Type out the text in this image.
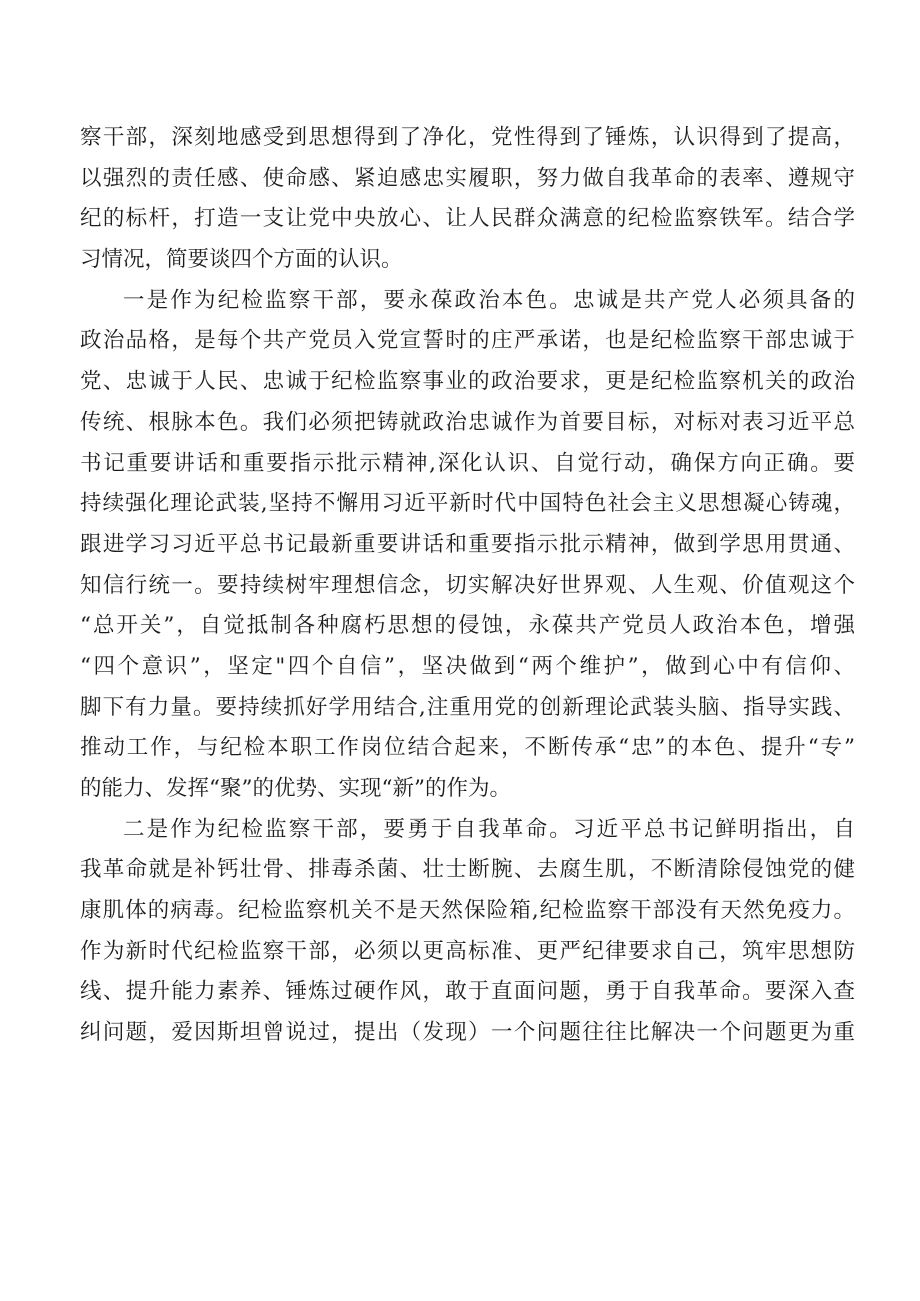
察干部，深刻地感受到思想得到了净化，党性得到了锤炼，认识得到了提高，
以强烈的责任感、使命感、紧迫感忠实履职，努力做自我革命的表率、遵规守
纪的标杆，打造一支让党中央放心、让人民群众满意的纪检监察铁军。结合学
习情况，简要谈四个方面的认识。
一是作为纪检监察干部，要永葆政治本色。忠诚是共产党人必须具备的
政治品格，是每个共产党员入党宣誓时的庄严承诺，也是纪检监察干部忠诚于
党、忠诚于人民、忠诚于纪检监察事业的政治要求，更是纪检监察机关的政治
传统、根脉本色。我们必须把铸就政治忠诚作为首要目标，对标对表习近平总
书记重要讲话和重要指示批示精神,深化认识、自觉行动，确保方向正确。要
持续强化理论武装,坚持不懈用习近平新时代中国特色社会主义思想凝心铸魂，
跟进学习习近平总书记最新重要讲话和重要指示批示精神，做到学思用贯通、
知信行统一。要持续树牢理想信念，切实解决好世界观、人生观、价值观这个
“总开关”，自觉抵制各种腐朽思想的侵蚀，永葆共产党员人政治本色，增强
“四个意识”，坚定"四个自信”，坚决做到“两个维护”，做到心中有信仰、
脚下有力量。要持续抓好学用结合,注重用党的创新理论武装头脑、指导实践、
推动工作，与纪检本职工作岗位结合起来，不断传承“忠”的本色、提升“专”
的能力、发挥“聚”的优势、实现“新”的作为。
二是作为纪检监察干部，要勇于自我革命。习近平总书记鲜明指出，自
我革命就是补钙壮骨、排毒杀菌、壮士断腕、去腐生肌，不断清除侵蚀党的健
康肌体的病毒。纪检监察机关不是天然保险箱,纪检监察干部没有天然免疫力。
作为新时代纪检监察干部，必须以更高标准、更严纪律要求自己，筑牢思想防
线、提升能力素养、锤炼过硬作风，敢于直面问题，勇于自我革命。要深入查
纠问题，爱因斯坦曾说过，提出（发现）一个问题往往比解决一个问题更为重
